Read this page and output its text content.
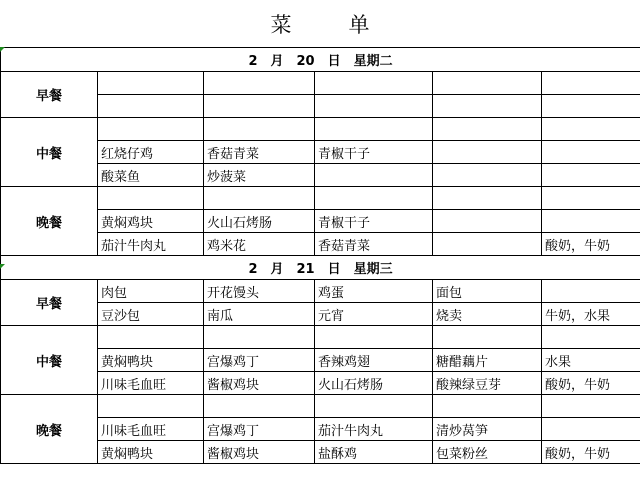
菜　单
2　月　20　日　星期二					
早餐					

中餐					
	红烧仔鸡	香菇青菜	青椒干子		
	酸菜鱼	炒菠菜			
晚餐					
	黄焖鸡块	火山石烤肠	青椒干子		
	茄汁牛肉丸	鸡米花	香菇青菜		酸奶，牛奶
2　月　21　日　星期三					
早餐	肉包	开花馒头	鸡蛋	面包	
	豆沙包	南瓜	元宵	烧卖	牛奶，水果
中餐					
	黄焖鸭块	宫爆鸡丁	香辣鸡翅	糖醋藕片	水果
	川味毛血旺	酱椒鸡块	火山石烤肠	酸辣绿豆芽	酸奶，牛奶
晚餐					
	川味毛血旺	宫爆鸡丁	茄汁牛肉丸	清炒莴笋	
	黄焖鸭块	酱椒鸡块	盐酥鸡	包菜粉丝	酸奶，牛奶
